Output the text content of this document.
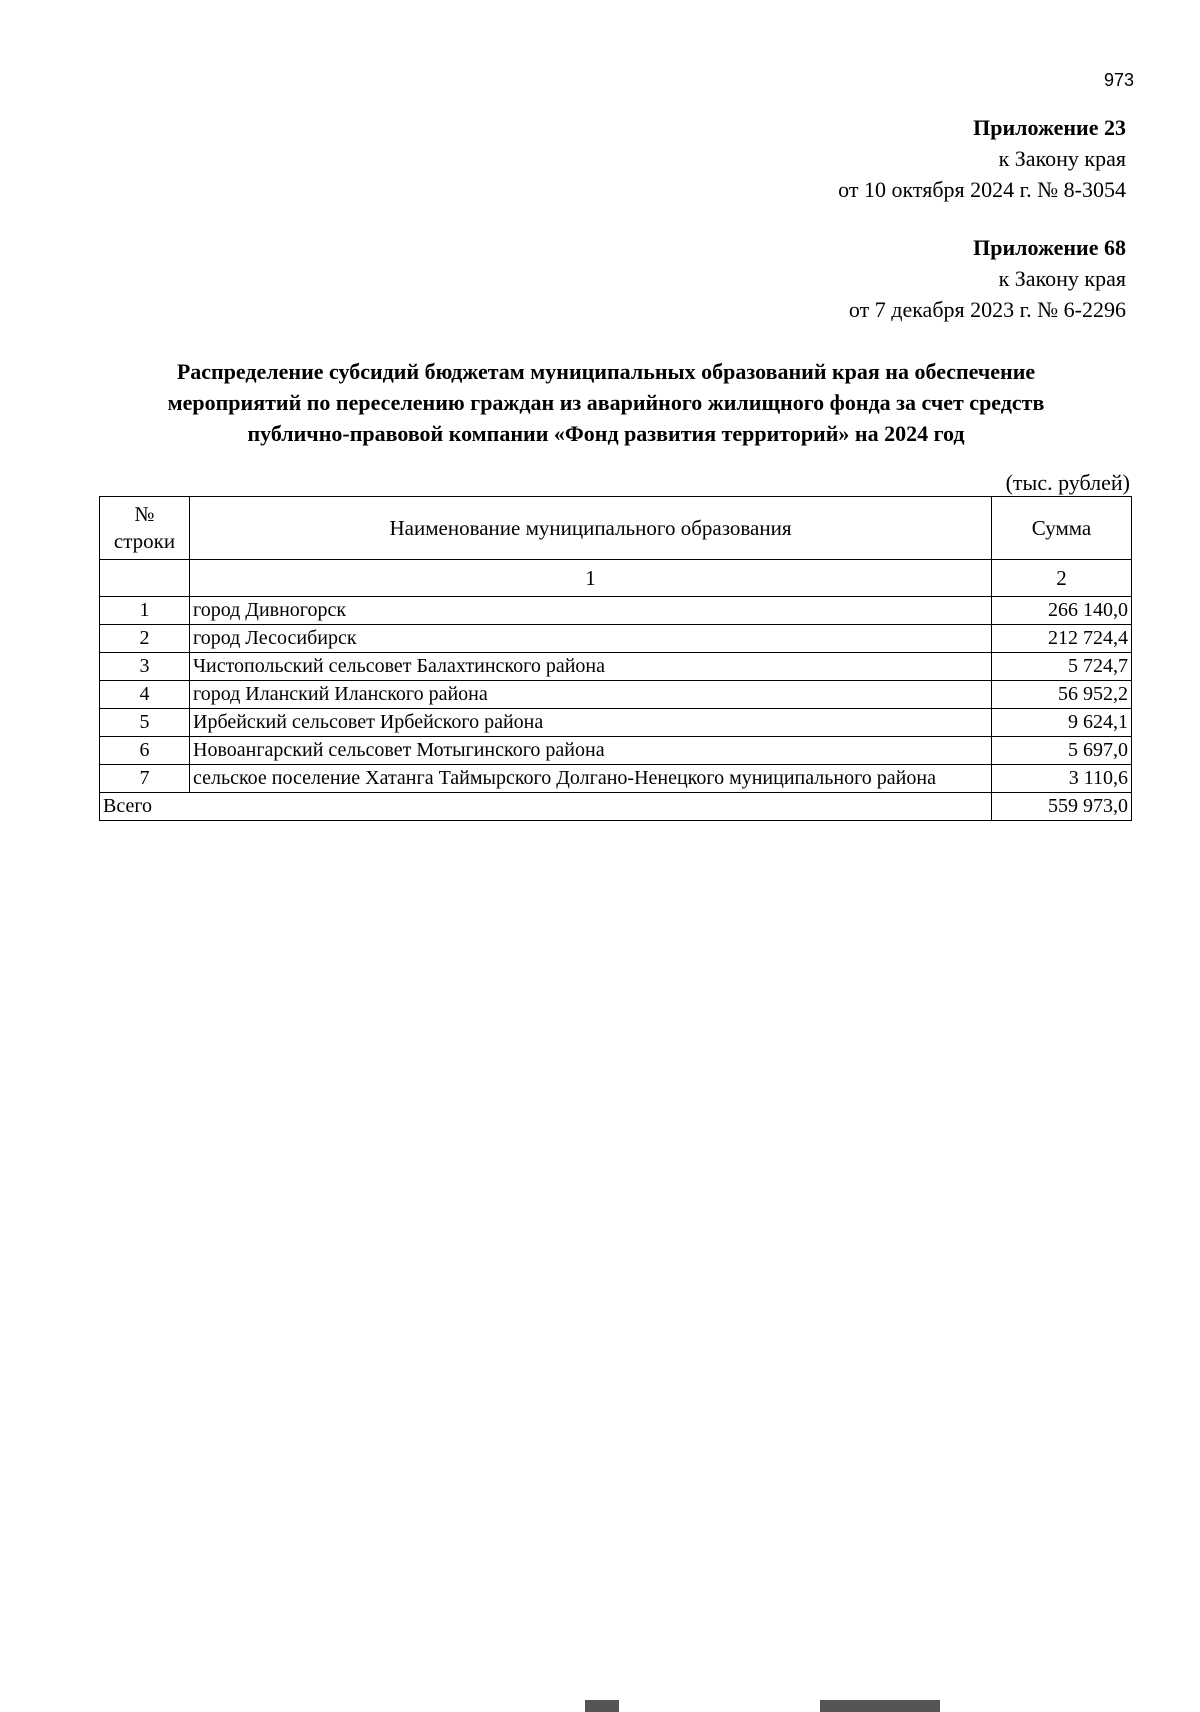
973
Приложение 23
к Закону края
от 10 октября 2024 г. № 8-3054
Приложение 68
к Закону края
от 7 декабря 2023 г. № 6-2296
Распределение субсидий бюджетам муниципальных образований края на обеспечение
мероприятий по переселению граждан из аварийного жилищного фонда за счет средств
публично-правовой компании «Фонд развития территорий» на 2024 год
(тыс. рублей)
№
строки	Наименование муниципального образования	Сумма
	1	2
1	город Дивногорск	266 140,0
2	город Лесосибирск	212 724,4
3	Чистопольский сельсовет Балахтинского района	5 724,7
4	город Иланский Иланского района	56 952,2
5	Ирбейский сельсовет Ирбейского района	9 624,1
6	Новоангарский сельсовет Мотыгинского района	5 697,0
7	сельское поселение Хатанга Таймырского Долгано-Ненецкого муниципального района	3 110,6
Всего		559 973,0
